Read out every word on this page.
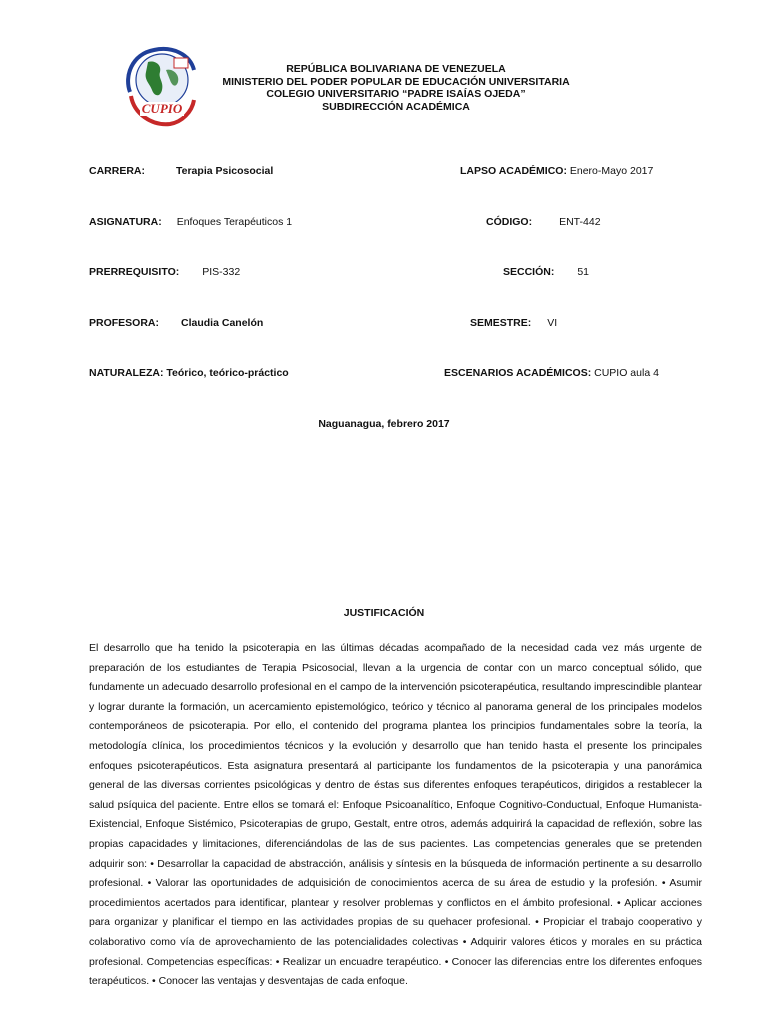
CUPIO
REPÚBLICA BOLIVARIANA DE VENEZUELA
MINISTERIO DEL PODER POPULAR DE EDUCACIÓN UNIVERSITARIA
COLEGIO UNIVERSITARIO “PADRE ISAÍAS OJEDA”
SUBDIRECCIÓN ACADÉMICA
CARRERA:	Terapia Psicosocial	LAPSO ACADÉMICO: Enero-Mayo 2017
ASIGNATURA: Enfoques Terapéuticos 1	CÓDIGO:	ENT-442
PRERREQUISITO: PIS-332	SECCIÓN: 51
PROFESORA: Claudia Canelón	SEMESTRE: VI
NATURALEZA: Teórico, teórico-práctico	ESCENARIOS ACADÉMICOS: CUPIO aula 4
Naguanagua, febrero 2017
JUSTIFICACIÓN
El desarrollo que ha tenido la psicoterapia en las últimas décadas acompañado de la necesidad cada vez más urgente de preparación de los estudiantes de Terapia Psicosocial, llevan a la urgencia de contar con un marco conceptual sólido, que fundamente un adecuado desarrollo profesional en el campo de la intervención psicoterapéutica, resultando imprescindible plantear y lograr durante la formación, un acercamiento epistemológico, teórico y técnico al panorama general de los principales modelos contemporáneos de psicoterapia. Por ello, el contenido del programa plantea los principios fundamentales sobre la teoría, la metodología clínica, los procedimientos técnicos y la evolución y desarrollo que han tenido hasta el presente los principales enfoques psicoterapéuticos. Esta asignatura presentará al participante los fundamentos de la psicoterapia y una panorámica general de las diversas corrientes psicológicas y dentro de éstas sus diferentes enfoques terapéuticos, dirigidos a restablecer la salud psíquica del paciente. Entre ellos se tomará el: Enfoque Psicoanalítico, Enfoque Cognitivo-Conductual, Enfoque Humanista-Existencial, Enfoque Sistémico, Psicoterapias de grupo, Gestalt, entre otros, además adquirirá la capacidad de reflexión, sobre las propias capacidades y limitaciones, diferenciándolas de las de sus pacientes. Las competencias generales que se pretenden adquirir son: • Desarrollar la capacidad de abstracción, análisis y síntesis en la búsqueda de información pertinente a su desarrollo profesional. • Valorar las oportunidades de adquisición de conocimientos acerca de su área de estudio y la profesión. • Asumir procedimientos acertados para identificar, plantear y resolver problemas y conflictos en el ámbito profesional. • Aplicar acciones para organizar y planificar el tiempo en las actividades propias de su quehacer profesional. • Propiciar el trabajo cooperativo y colaborativo como vía de aprovechamiento de las potencialidades colectivas • Adquirir valores éticos y morales en su práctica profesional. Competencias específicas: • Realizar un encuadre terapéutico. • Conocer las diferencias entre los diferentes enfoques terapéuticos. • Conocer las ventajas y desventajas de cada enfoque.
